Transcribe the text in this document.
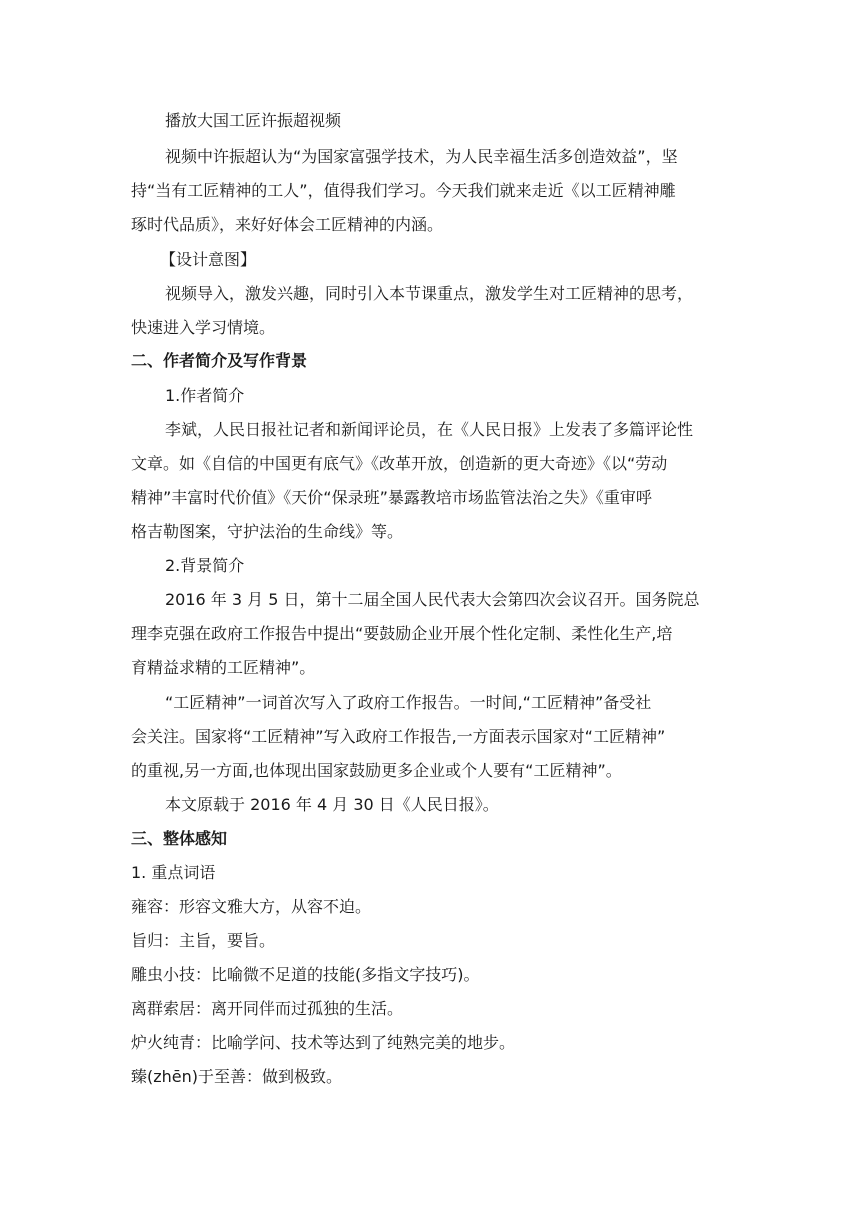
播放大国工匠许振超视频
视频中许振超认为“为国家富强学技术，为人民幸福生活多创造效益”，坚
持“当有工匠精神的工人”，值得我们学习。今天我们就来走近《以工匠精神雕
琢时代品质》，来好好体会工匠精神的内涵。
【设计意图】
视频导入，激发兴趣，同时引入本节课重点，激发学生对工匠精神的思考，
快速进入学习情境。
二、作者简介及写作背景
1.作者简介
李斌，人民日报社记者和新闻评论员，在《人民日报》上发表了多篇评论性
文章。如《自信的中国更有底气》《改革开放，创造新的更大奇迹》《以“劳动
精神”丰富时代价值》《天价“保录班”暴露教培市场监管法治之失》《重审呼
格吉勒图案，守护法治的生命线》等。
2.背景简介
2016 年 3 月 5 日，第十二届全国人民代表大会第四次会议召开。国务院总
理李克强在政府工作报告中提出“要鼓励企业开展个性化定制、柔性化生产,培
育精益求精的工匠精神”。
“工匠精神”一词首次写入了政府工作报告。一时间,“工匠精神”备受社
会关注。国家将“工匠精神”写入政府工作报告,一方面表示国家对“工匠精神”
的重视,另一方面,也体现出国家鼓励更多企业或个人要有“工匠精神”。
本文原载于 2016 年 4 月 30 日《人民日报》。
三、整体感知
1. 重点词语
雍容：形容文雅大方，从容不迫。
旨归：主旨，要旨。
雕虫小技：比喻微不足道的技能(多指文字技巧)。
离群索居：离开同伴而过孤独的生活。
炉火纯青：比喻学问、技术等达到了纯熟完美的地步。
臻(zhēn)于至善：做到极致。
